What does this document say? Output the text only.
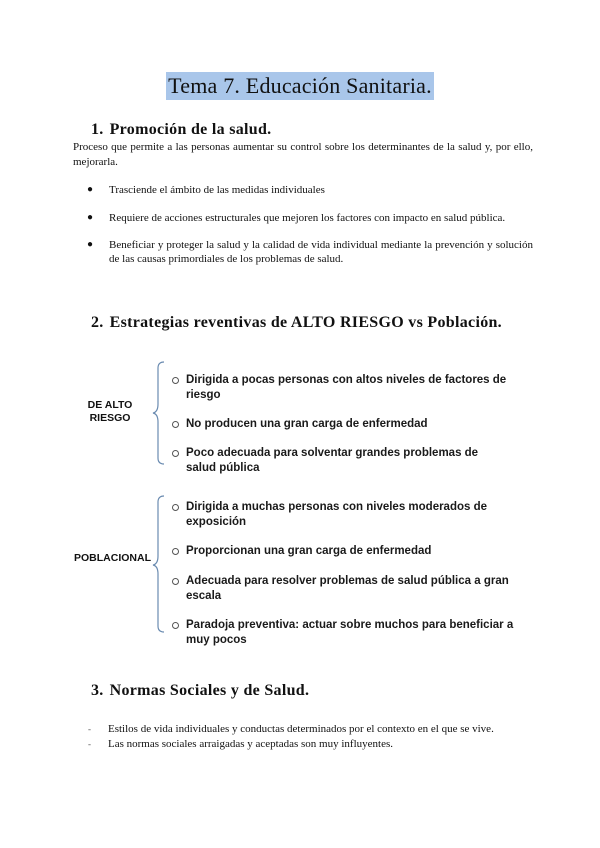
Tema 7. Educación Sanitaria.
1. Promoción de la salud.
Proceso que permite a las personas aumentar su control sobre los determinantes de la salud y, por ello, mejorarla.
● Trasciende el ámbito de las medidas individuales
● Requiere de acciones estructurales que mejoren los factores con impacto en salud pública.
● Beneficiar y proteger la salud y la calidad de vida individual mediante la prevención y solución de las causas primordiales de los problemas de salud.
2. Estrategias reventivas de ALTO RIESGO vs Población.
DE ALTO
RIESGO
Dirigida a pocas personas con altos niveles de factores de riesgo
No producen una gran carga de enfermedad
Poco adecuada para solventar grandes problemas de salud pública
POBLACIONAL
Dirigida a muchas personas con niveles moderados de exposición
Proporcionan una gran carga de enfermedad
Adecuada para resolver problemas de salud pública a gran escala
Paradoja preventiva: actuar sobre muchos para beneficiar a muy pocos
3. Normas Sociales y de Salud.
- Estilos de vida individuales y conductas determinados por el contexto en el que se vive.
- Las normas sociales arraigadas y aceptadas son muy influyentes.
